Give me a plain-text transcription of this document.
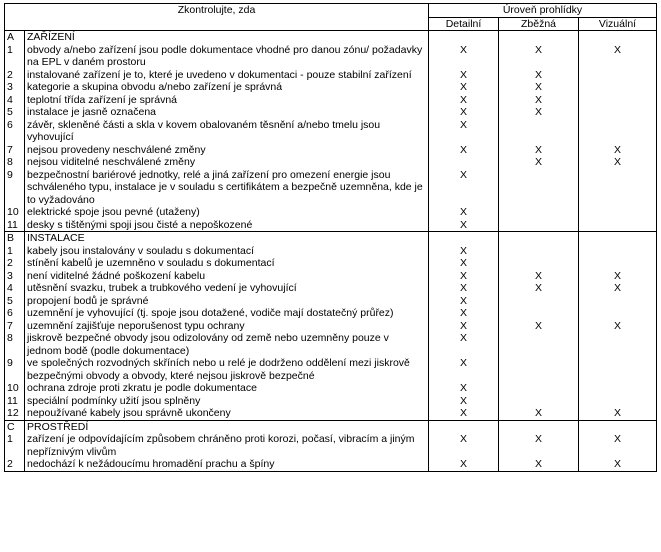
Zkontrolujte, zda		Úroveň prohlídky		
		Detailní	Zběžná	Vizuální
A	ZAŘÍZENÍ			
1	obvody a/nebo zařízení jsou podle dokumentace vhodné pro danou zónu/ požadavky na EPL v daném prostoru	X	X	X
2	instalované zařízení je to, které je uvedeno v dokumentaci - pouze stabilní zařízení	X	X	
3	kategorie a skupina obvodu a/nebo zařízení je správná	X	X	
4	teplotní třída zařízení je správná	X	X	
5	instalace je jasně označena	X	X	
6	závěr, skleněné části a skla v kovem obalovaném těsnění a/nebo tmelu jsou vyhovující	X		
7	nejsou provedeny neschválené změny	X	X	X
8	nejsou viditelné neschválené změny		X	X
9	bezpečnostní bariérové jednotky, relé a jiná zařízení pro omezení energie jsou schváleného typu, instalace je v souladu s certifikátem a bezpečně uzemněna, kde je to vyžadováno	X		
10	elektrické spoje jsou pevné (utaženy)	X		
11	desky s tištěnými spoji jsou čisté a nepoškozené	X		
B	INSTALACE			
1	kabely jsou instalovány v souladu s dokumentací	X		
2	stínění kabelů je uzemněno v souladu s dokumentací	X		
3	není viditelné žádné poškození kabelu	X	X	X
4	utěsnění svazku, trubek a trubkového vedení je vyhovující	X	X	X
5	propojení bodů je správné	X		
6	uzemnění je vyhovující (tj. spoje jsou dotažené, vodiče mají dostatečný průřez)	X		
7	uzemnění zajišťuje neporušenost typu ochrany	X	X	X
8	jiskrově bezpečné obvody jsou odizolovány od země nebo uzemněny pouze v jednom bodě (podle dokumentace)	X		
9	ve společných rozvodných skříních nebo u relé je dodrženo oddělení mezi jiskrově bezpečnými obvody a obvody, které nejsou jiskrově bezpečné	X		
10	ochrana zdroje proti zkratu je podle dokumentace	X		
11	speciální podmínky užití jsou splněny	X		
12	nepoužívané kabely jsou správně ukončeny	X	X	X
C	PROSTŘEDÍ			
1	zařízení je odpovídajícím způsobem chráněno proti korozi, počasí, vibracím a jiným nepříznivým vlivům	X	X	X
2	nedochází k nežádoucímu hromadění prachu a špíny	X	X	X
